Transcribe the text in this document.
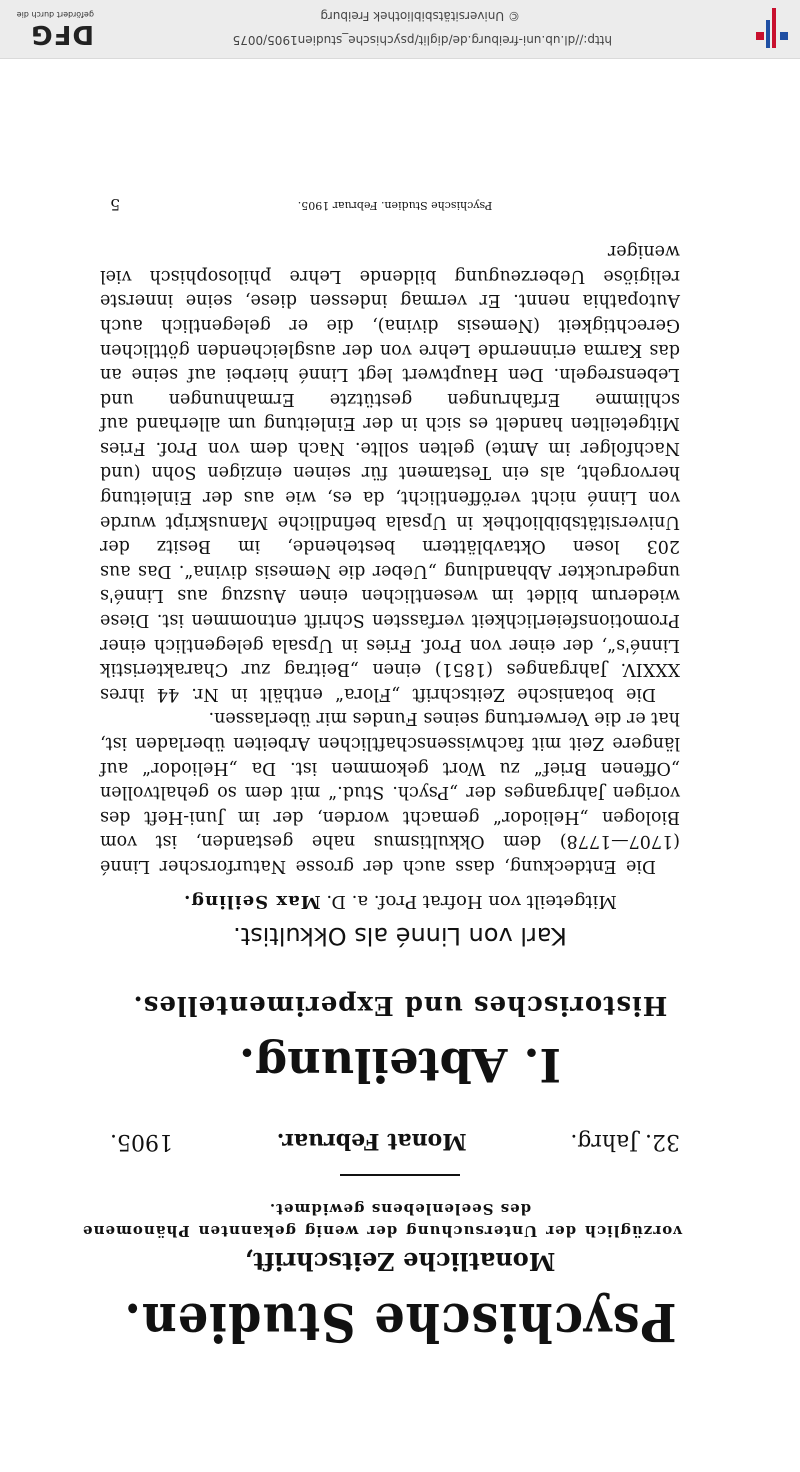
Psychische Studien.
Monatliche Zeitschrift,
vorzüglich der Untersuchung der wenig gekannten Phänomene
des Seelenlebens gewidmet.
32. Jahrg.
Monat Februar.
1905.
I. Abteilung.
Historisches und Experimentelles.
Karl von Linné als Okkultist.
Mitgeteilt von Hofrat Prof. a. D. Max Seiling.

Die Entdeckung, dass auch der grosse Naturforscher Linné (1707—1778) dem Okkultismus nahe gestanden, ist vom Biologen „Heliodor“ gemacht worden, der im Juni-Heft des vorigen Jahrganges der „Psych. Stud.“ mit dem so gehaltvollen „Offenen Brief“ zu Wort gekommen ist. Da „Heliodor“ auf längere Zeit mit fachwissenschaftlichen Arbeiten überladen ist, hat er die Verwertung seines Fundes mir überlassen.

Die botanische Zeitschrift „Flora“ enthält in Nr. 44 ihres XXXIV. Jahrganges (1851) einen „Beitrag zur Charakteristik Linné's“, der einer von Prof. Fries in Upsala gelegentlich einer Promotionsfeierlichkeit verfassten Schrift entnommen ist. Diese wiederum bildet im wesentlichen einen Auszug aus Linné's ungedruckter Abhandlung „Ueber die Nemesis divina“. Das aus 203 losen Oktavblättern bestehende, im Besitz der Universitätsbibliothek in Upsala befindliche Manuskript wurde von Linné nicht veröffentlicht, da es, wie aus der Einleitung hervorgeht, als ein Testament für seinen einzigen Sohn (und Nachfolger im Amte) gelten sollte. Nach dem von Prof. Fries Mitgeteilten handelt es sich in der Einleitung um allerhand auf schlimme Erfahrungen gestützte Ermahnungen und Lebensregeln. Den Hauptwert legt Linné hierbei auf seine an das Karma erinnernde Lehre von der ausgleichenden göttlichen Gerechtigkeit (Nemesis divina), die er gelegentlich auch Autopathia nennt. Er vermag indessen diese, seine innerste religiöse Ueberzeugung bildende Lehre philosophisch viel weniger

Psychische Studien. Februar 1905.
5
http://dl.ub.uni-freiburg.de/diglit/psychische_studien1905/0075
© Universitätsbibliothek Freiburg
DFG
gefördert durch die
